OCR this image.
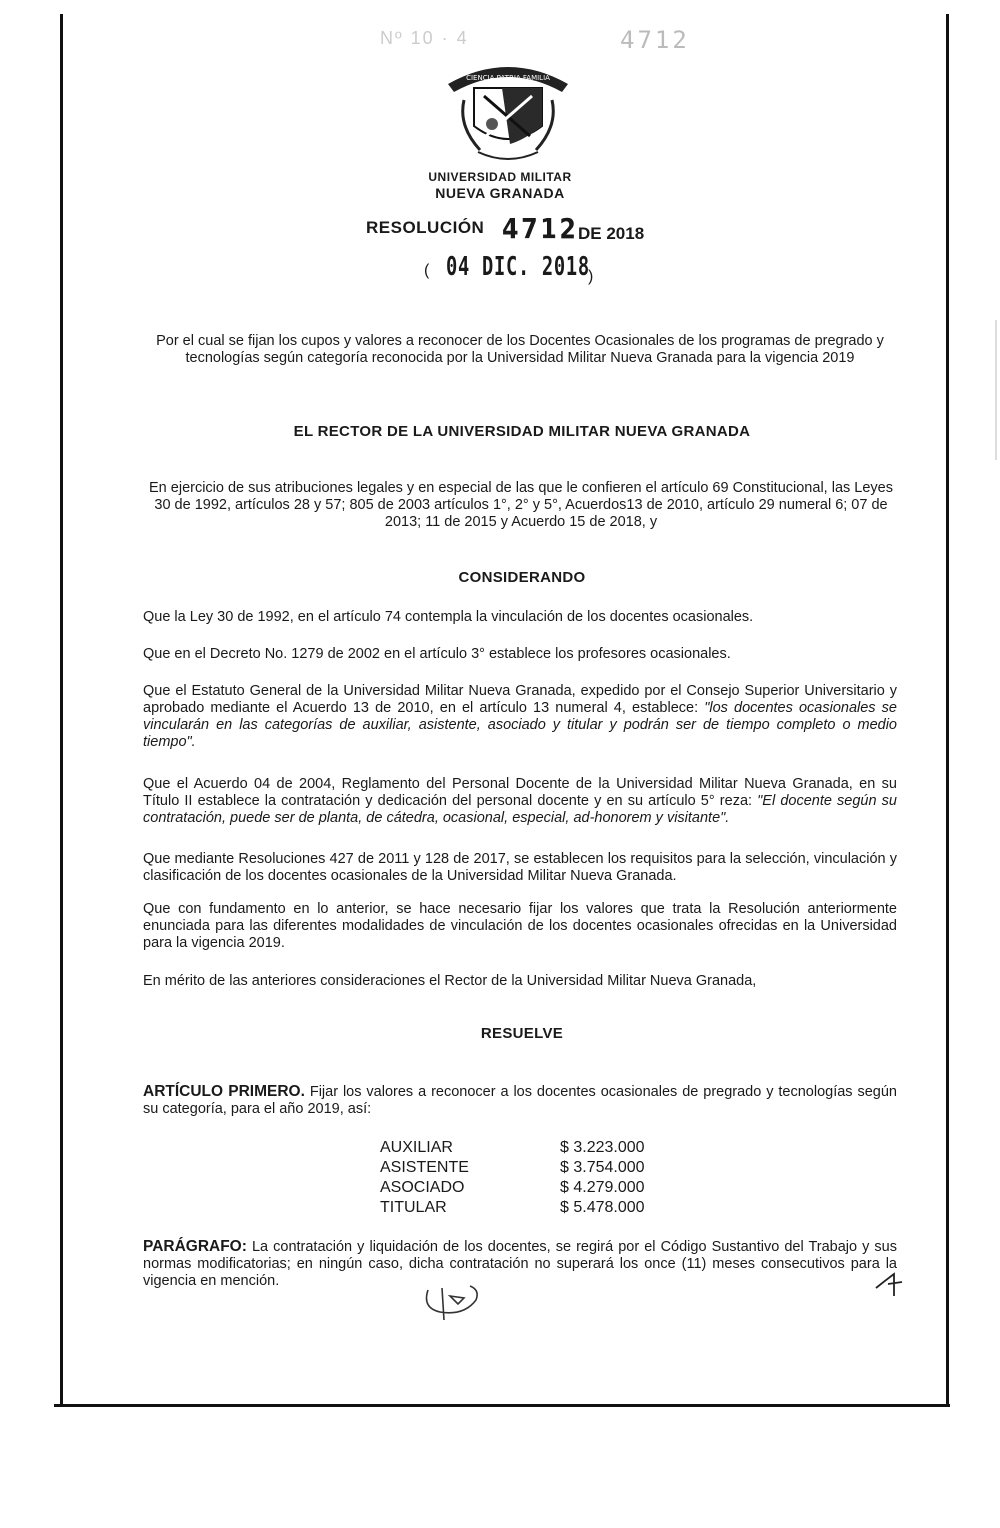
Nº 10 · 4	4712
CIENCIA PATRIA FAMILIA
UNIVERSIDAD MILITAR
NUEVA GRANADA
RESOLUCIÓN 4712 DE 2018
( 04 DIC. 2018
)
Por el cual se fijan los cupos y valores a reconocer de los Docentes Ocasionales de los programas de pregrado y tecnologías según categoría reconocida por la Universidad Militar Nueva Granada para la vigencia 2019
EL RECTOR DE LA UNIVERSIDAD MILITAR NUEVA GRANADA
En ejercicio de sus atribuciones legales y en especial de las que le confieren el artículo 69 Constitucional, las Leyes 30 de 1992, artículos 28 y 57; 805 de 2003 artículos 1°, 2° y 5°, Acuerdos13 de 2010, artículo 29 numeral 6; 07 de 2013; 11 de 2015 y Acuerdo 15 de 2018, y
CONSIDERANDO
Que la Ley 30 de 1992, en el artículo 74 contempla la vinculación de los docentes ocasionales.
Que en el Decreto No. 1279 de 2002 en el artículo 3° establece los profesores ocasionales.
Que el Estatuto General de la Universidad Militar Nueva Granada, expedido por el Consejo Superior Universitario y aprobado mediante el Acuerdo 13 de 2010, en el artículo 13 numeral 4, establece: "los docentes ocasionales se vincularán en las categorías de auxiliar, asistente, asociado y titular y podrán ser de tiempo completo o medio tiempo".
Que el Acuerdo 04 de 2004, Reglamento del Personal Docente de la Universidad Militar Nueva Granada, en su Título II establece la contratación y dedicación del personal docente y en su artículo 5° reza: "El docente según su contratación, puede ser de planta, de cátedra, ocasional, especial, ad-honorem y visitante".
Que mediante Resoluciones 427 de 2011 y 128 de 2017, se establecen los requisitos para la selección, vinculación y clasificación de los docentes ocasionales de la Universidad Militar Nueva Granada.
Que con fundamento en lo anterior, se hace necesario fijar los valores que trata la Resolución anteriormente enunciada para las diferentes modalidades de vinculación de los docentes ocasionales ofrecidas en la Universidad para la vigencia 2019.
En mérito de las anteriores consideraciones el Rector de la Universidad Militar Nueva Granada,
RESUELVE
ARTÍCULO PRIMERO. Fijar los valores a reconocer a los docentes ocasionales de pregrado y tecnologías según su categoría, para el año 2019, así:
AUXILIAR
ASISTENTE
ASOCIADO
TITULAR
$ 3.223.000
$ 3.754.000
$ 4.279.000
$ 5.478.000
PARÁGRAFO: La contratación y liquidación de los docentes, se regirá por el Código Sustantivo del Trabajo y sus normas modificatorias; en ningún caso, dicha contratación no superará los once (11) meses consecutivos para la vigencia en mención.
